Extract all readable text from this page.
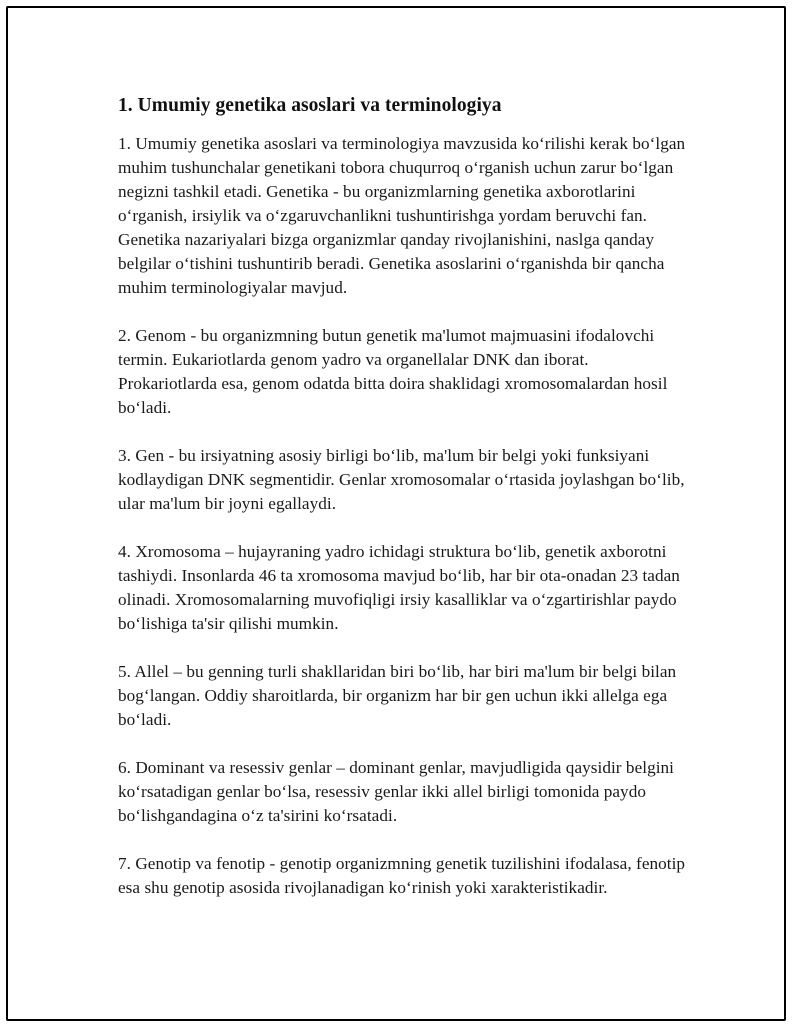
1. Umumiy genetika asoslari va terminologiya

1. Umumiy genetika asoslari va terminologiya mavzusida koʻrilishi kerak boʻlgan muhim tushunchalar genetikani tobora chuqurroq oʻrganish uchun zarur boʻlgan negizni tashkil etadi. Genetika - bu organizmlarning genetika axborotlarini oʻrganish, irsiylik va oʻzgaruvchanlikni tushuntirishga yordam beruvchi fan. Genetika nazariyalari bizga organizmlar qanday rivojlanishini, naslga qanday belgilar oʻtishini tushuntirib beradi. Genetika asoslarini oʻrganishda bir qancha muhim terminologiyalar mavjud.

2. Genom - bu organizmning butun genetik ma'lumot majmuasini ifodalovchi termin. Eukariotlarda genom yadro va organellalar DNK dan iborat. Prokariotlarda esa, genom odatda bitta doira shaklidagi xromosomalardan hosil boʻladi.

3. Gen - bu irsiyatning asosiy birligi boʻlib, ma'lum bir belgi yoki funksiyani kodlaydigan DNK segmentidir. Genlar xromosomalar oʻrtasida joylashgan boʻlib, ular ma'lum bir joyni egallaydi.

4. Xromosoma – hujayraning yadro ichidagi struktura boʻlib, genetik axborotni tashiydi. Insonlarda 46 ta xromosoma mavjud boʻlib, har bir ota-onadan 23 tadan olinadi. Xromosomalarning muvofiqligi irsiy kasalliklar va oʻzgartirishlar paydo boʻlishiga ta'sir qilishi mumkin.

5. Allel – bu genning turli shakllaridan biri boʻlib, har biri ma'lum bir belgi bilan bogʻlangan. Oddiy sharoitlarda, bir organizm har bir gen uchun ikki allelga ega boʻladi.

6. Dominant va resessiv genlar – dominant genlar, mavjudligida qaysidir belgini koʻrsatadigan genlar boʻlsa, resessiv genlar ikki allel birligi tomonida paydo boʻlishgandagina oʻz ta'sirini koʻrsatadi.

7. Genotip va fenotip - genotip organizmning genetik tuzilishini ifodalasa, fenotip esa shu genotip asosida rivojlanadigan koʻrinish yoki xarakteristikadir.
